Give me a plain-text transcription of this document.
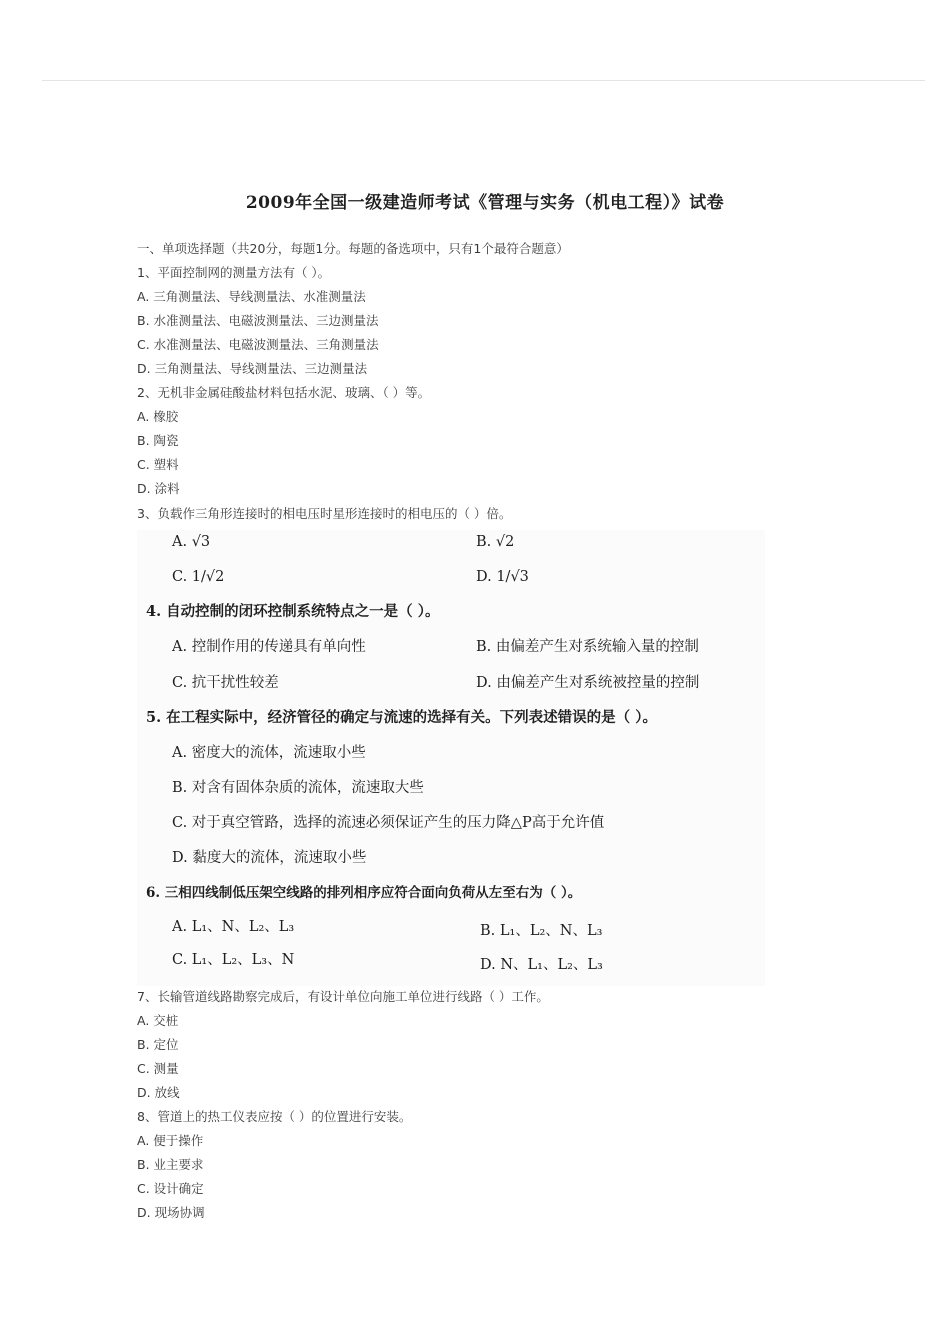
2009年全国一级建造师考试《管理与实务（机电工程）》试卷
一、单项选择题（共20分，每题1分。每题的备选项中，只有1个最符合题意）
1、平面控制网的测量方法有（ ）。
A. 三角测量法、导线测量法、水准测量法
B. 水准测量法、电磁波测量法、三边测量法
C. 水准测量法、电磁波测量法、三角测量法
D. 三角测量法、导线测量法、三边测量法
2、无机非金属硅酸盐材料包括水泥、玻璃、（ ）等。
A. 橡胶
B. 陶瓷
C. 塑料
D. 涂料
3、负载作三角形连接时的相电压时星形连接时的相电压的（ ）倍。
A. √3	B. √2
C. 1/√2	D. 1/√3
4. 自动控制的闭环控制系统特点之一是（ ）。
A. 控制作用的传递具有单向性	B. 由偏差产生对系统输入量的控制
C. 抗干扰性较差	D. 由偏差产生对系统被控量的控制
5. 在工程实际中，经济管径的确定与流速的选择有关。下列表述错误的是（ ）。
A. 密度大的流体，流速取小些
B. 对含有固体杂质的流体，流速取大些
C. 对于真空管路，选择的流速必须保证产生的压力降△P高于允许值
D. 黏度大的流体，流速取小些
6. 三相四线制低压架空线路的排列相序应符合面向负荷从左至右为（ ）。
A. L₁、N、L₂、L₃	B. L₁、L₂、N、L₃
C. L₁、L₂、L₃、N	D. N、L₁、L₂、L₃
7、长输管道线路勘察完成后，有设计单位向施工单位进行线路（ ）工作。
A. 交桩
B. 定位
C. 测量
D. 放线
8、管道上的热工仪表应按（ ）的位置进行安装。
A. 便于操作
B. 业主要求
C. 设计确定
D. 现场协调
